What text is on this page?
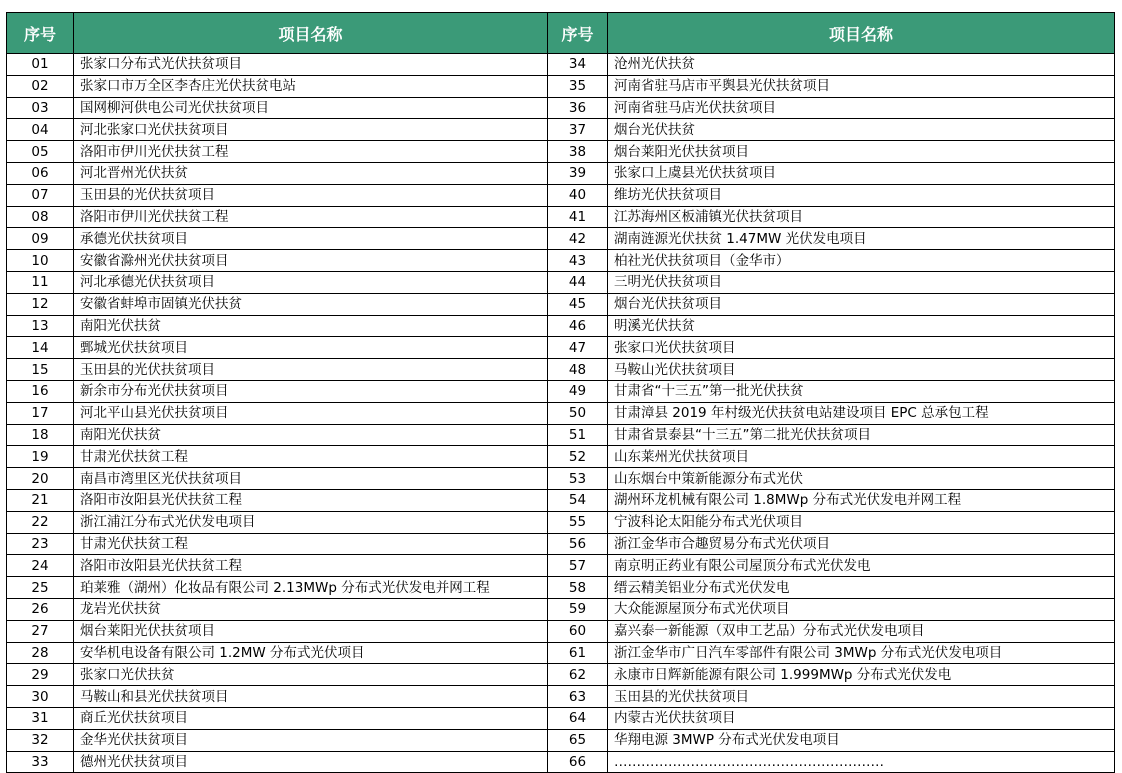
序号	项目名称	序号	项目名称
01	张家口分布式光伏扶贫项目	34	沧州光伏扶贫
02	张家口市万全区李杏庄光伏扶贫电站	35	河南省驻马店市平舆县光伏扶贫项目
03	国网柳河供电公司光伏扶贫项目	36	河南省驻马店光伏扶贫项目
04	河北张家口光伏扶贫项目	37	烟台光伏扶贫
05	洛阳市伊川光伏扶贫工程	38	烟台莱阳光伏扶贫项目
06	河北晋州光伏扶贫	39	张家口上虞县光伏扶贫项目
07	玉田县的光伏扶贫项目	40	维坊光伏扶贫项目
08	洛阳市伊川光伏扶贫工程	41	江苏海州区板浦镇光伏扶贫项目
09	承德光伏扶贫项目	42	湖南涟源光伏扶贫 1.47MW 光伏发电项目
10	安徽省滁州光伏扶贫项目	43	柏社光伏扶贫项目（金华市）
11	河北承德光伏扶贫项目	44	三明光伏扶贫项目
12	安徽省蚌埠市固镇光伏扶贫	45	烟台光伏扶贫项目
13	南阳光伏扶贫	46	明溪光伏扶贫
14	鄄城光伏扶贫项目	47	张家口光伏扶贫项目
15	玉田县的光伏扶贫项目	48	马鞍山光伏扶贫项目
16	新余市分布光伏扶贫项目	49	甘肃省“十三五”第一批光伏扶贫
17	河北平山县光伏扶贫项目	50	甘肃漳县 2019 年村级光伏扶贫电站建设项目 EPC 总承包工程
18	南阳光伏扶贫	51	甘肃省景泰县“十三五”第二批光伏扶贫项目
19	甘肃光伏扶贫工程	52	山东莱州光伏扶贫项目
20	南昌市湾里区光伏扶贫项目	53	山东烟台中策新能源分布式光伏
21	洛阳市汝阳县光伏扶贫工程	54	湖州环龙机械有限公司 1.8MWp 分布式光伏发电并网工程
22	浙江浦江分布式光伏发电项目	55	宁波科论太阳能分布式光伏项目
23	甘肃光伏扶贫工程	56	浙江金华市合趣贸易分布式光伏项目
24	洛阳市汝阳县光伏扶贫工程	57	南京明正药业有限公司屋顶分布式光伏发电
25	珀莱雅（湖州）化妆品有限公司 2.13MWp 分布式光伏发电并网工程	58	缙云精美铝业分布式光伏发电
26	龙岩光伏扶贫	59	大众能源屋顶分布式光伏项目
27	烟台莱阳光伏扶贫项目	60	嘉兴泰一新能源（双申工艺品）分布式光伏发电项目
28	安华机电设备有限公司 1.2MW 分布式光伏项目	61	浙江金华市广日汽车零部件有限公司 3MWp 分布式光伏发电项目
29	张家口光伏扶贫	62	永康市日辉新能源有限公司 1.999MWp 分布式光伏发电
30	马鞍山和县光伏扶贫项目	63	玉田县的光伏扶贫项目
31	商丘光伏扶贫项目	64	内蒙古光伏扶贫项目
32	金华光伏扶贫项目	65	华翔电源 3MWP 分布式光伏发电项目
33	德州光伏扶贫项目	66	……………………………………………………
